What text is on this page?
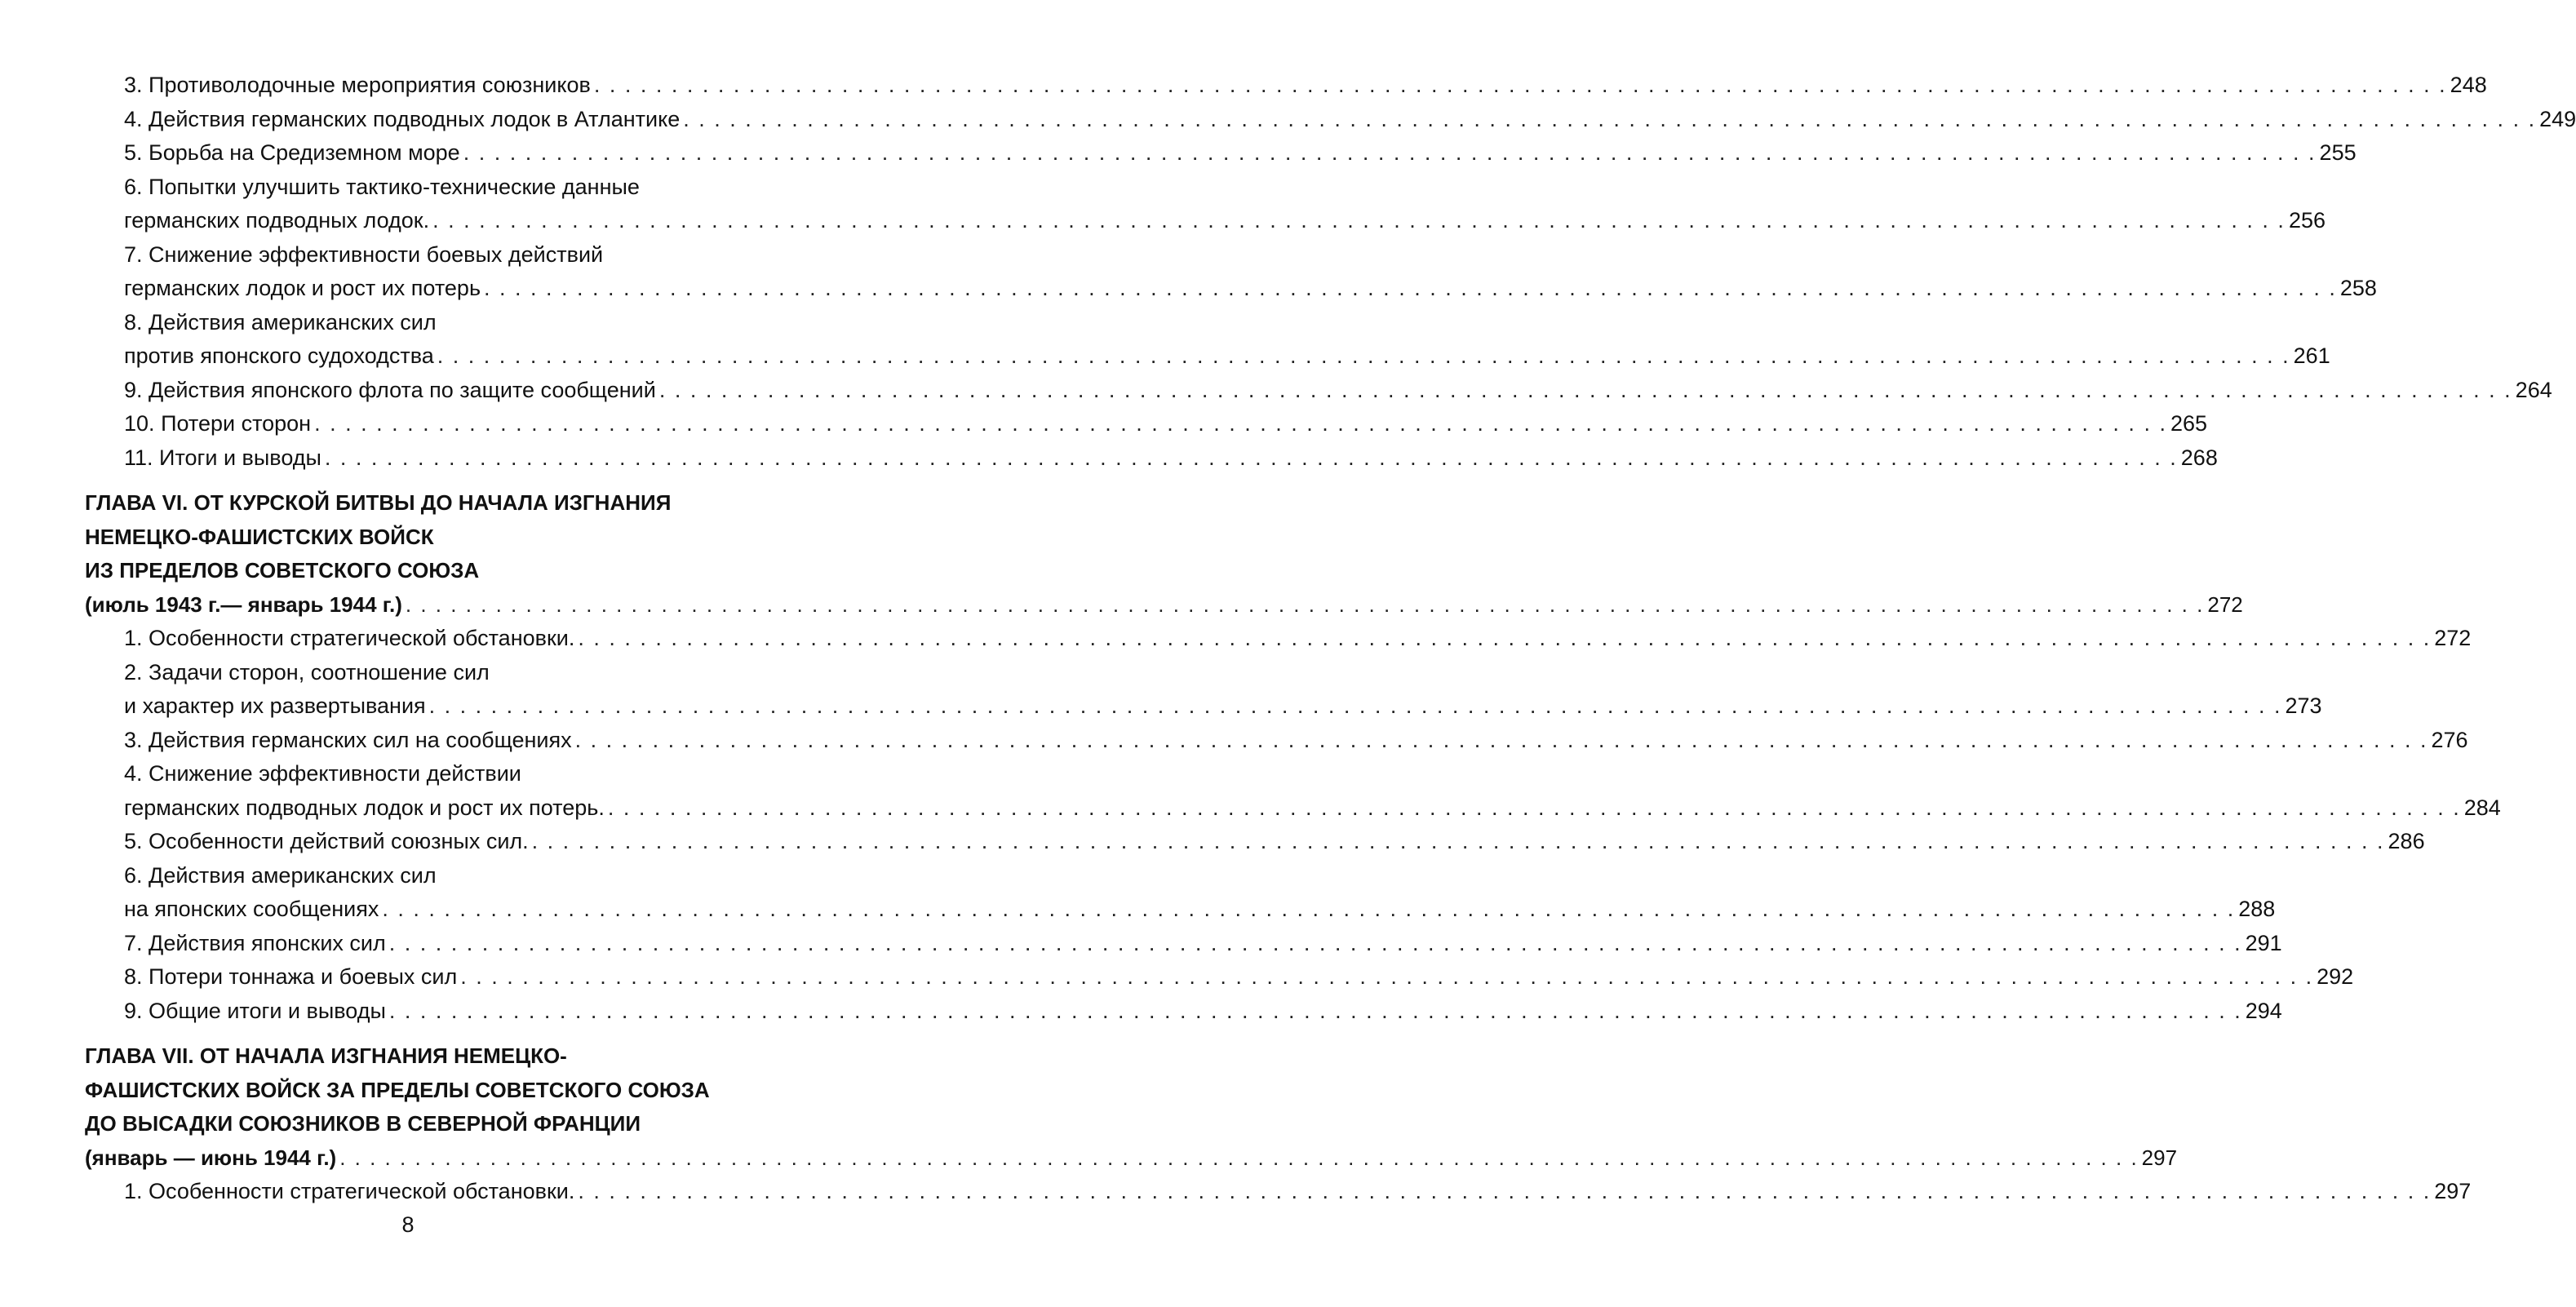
3. Противолодочные мероприятия союзников . . . . . . . . . . . . . . . . . . . . . . . . . . . . . . . . . . . . . . . . . . . . . . . . . . . . . . . . . . . . . . . . . . . . . . . . . . . . . . . . . . . . . . . . . . . . . . . . . . . . . . . . . . . . . . . . . . . . . . . . 248
4. Действия германских подводных лодок в Атлантике . . . . . . . . . . . . . . . . . . . . . . . . . . . . . . . . . . . . . . . . . . . . . . . . . . . . . . . . . . . . . . . . . . . . . . . . . . . . . . . . . . . . . . . . . . . . . . . . . . . . . . . . . . . . . . . . . . . . . . . . 249
5. Борьба на Средиземном море . . . . . . . . . . . . . . . . . . . . . . . . . . . . . . . . . . . . . . . . . . . . . . . . . . . . . . . . . . . . . . . . . . . . . . . . . . . . . . . . . . . . . . . . . . . . . . . . . . . . . . . . . . . . . . . . . . . . . . . . 255
6. Попытки улучшить тактико-технические данные
германских подводных лодок. . . . . . . . . . . . . . . . . . . . . . . . . . . . . . . . . . . . . . . . . . . . . . . . . . . . . . . . . . . . . . . . . . . . . . . . . . . . . . . . . . . . . . . . . . . . . . . . . . . . . . . . . . . . . . . . . . . . . . . . . 256
7. Снижение эффективности боевых действий
германских лодок и рост их потерь . . . . . . . . . . . . . . . . . . . . . . . . . . . . . . . . . . . . . . . . . . . . . . . . . . . . . . . . . . . . . . . . . . . . . . . . . . . . . . . . . . . . . . . . . . . . . . . . . . . . . . . . . . . . . . . . . . . . . . . . 258
8. Действия американских сил
против японского судоходства . . . . . . . . . . . . . . . . . . . . . . . . . . . . . . . . . . . . . . . . . . . . . . . . . . . . . . . . . . . . . . . . . . . . . . . . . . . . . . . . . . . . . . . . . . . . . . . . . . . . . . . . . . . . . . . . . . . . . . . . 261
9. Действия японского флота по защите сообщений . . . . . . . . . . . . . . . . . . . . . . . . . . . . . . . . . . . . . . . . . . . . . . . . . . . . . . . . . . . . . . . . . . . . . . . . . . . . . . . . . . . . . . . . . . . . . . . . . . . . . . . . . . . . . . . . . . . . . . . . 264
10. Потери сторон . . . . . . . . . . . . . . . . . . . . . . . . . . . . . . . . . . . . . . . . . . . . . . . . . . . . . . . . . . . . . . . . . . . . . . . . . . . . . . . . . . . . . . . . . . . . . . . . . . . . . . . . . . . . . . . . . . . . . . . . 265
11. Итоги и выводы . . . . . . . . . . . . . . . . . . . . . . . . . . . . . . . . . . . . . . . . . . . . . . . . . . . . . . . . . . . . . . . . . . . . . . . . . . . . . . . . . . . . . . . . . . . . . . . . . . . . . . . . . . . . . . . . . . . . . . . . 268
ГЛАВА VI. ОТ КУРСКОЙ БИТВЫ ДО НАЧАЛА ИЗГНАНИЯ
НЕМЕЦКО-ФАШИСТСКИХ ВОЙСК
ИЗ ПРЕДЕЛОВ СОВЕТСКОГО СОЮЗА
(июль 1943 г.— январь 1944 г.) . . . . . . . . . . . . . . . . . . . . . . . . . . . . . . . . . . . . . . . . . . . . . . . . . . . . . . . . . . . . . . . . . . . . . . . . . . . . . . . . . . . . . . . . . . . . . . . . . . . . . . . . . . . . . . . . . . . . . . . . 272
1. Особенности стратегической обстановки. . . . . . . . . . . . . . . . . . . . . . . . . . . . . . . . . . . . . . . . . . . . . . . . . . . . . . . . . . . . . . . . . . . . . . . . . . . . . . . . . . . . . . . . . . . . . . . . . . . . . . . . . . . . . . . . . . . . . . . . . 272
2. Задачи сторон, соотношение сил
и характер их развертывания . . . . . . . . . . . . . . . . . . . . . . . . . . . . . . . . . . . . . . . . . . . . . . . . . . . . . . . . . . . . . . . . . . . . . . . . . . . . . . . . . . . . . . . . . . . . . . . . . . . . . . . . . . . . . . . . . . . . . . . . 273
3. Действия германских сил на сообщениях . . . . . . . . . . . . . . . . . . . . . . . . . . . . . . . . . . . . . . . . . . . . . . . . . . . . . . . . . . . . . . . . . . . . . . . . . . . . . . . . . . . . . . . . . . . . . . . . . . . . . . . . . . . . . . . . . . . . . . . . 276
4. Снижение эффективности действии
германских подводных лодок и рост их потерь. . . . . . . . . . . . . . . . . . . . . . . . . . . . . . . . . . . . . . . . . . . . . . . . . . . . . . . . . . . . . . . . . . . . . . . . . . . . . . . . . . . . . . . . . . . . . . . . . . . . . . . . . . . . . . . . . . . . . . . . . 284
5. Особенности действий союзных сил. . . . . . . . . . . . . . . . . . . . . . . . . . . . . . . . . . . . . . . . . . . . . . . . . . . . . . . . . . . . . . . . . . . . . . . . . . . . . . . . . . . . . . . . . . . . . . . . . . . . . . . . . . . . . . . . . . . . . . . . . 286
6. Действия американских сил
на японских сообщениях . . . . . . . . . . . . . . . . . . . . . . . . . . . . . . . . . . . . . . . . . . . . . . . . . . . . . . . . . . . . . . . . . . . . . . . . . . . . . . . . . . . . . . . . . . . . . . . . . . . . . . . . . . . . . . . . . . . . . . . . 288
7. Действия японских сил . . . . . . . . . . . . . . . . . . . . . . . . . . . . . . . . . . . . . . . . . . . . . . . . . . . . . . . . . . . . . . . . . . . . . . . . . . . . . . . . . . . . . . . . . . . . . . . . . . . . . . . . . . . . . . . . . . . . . . . . 291
8. Потери тоннажа и боевых сил . . . . . . . . . . . . . . . . . . . . . . . . . . . . . . . . . . . . . . . . . . . . . . . . . . . . . . . . . . . . . . . . . . . . . . . . . . . . . . . . . . . . . . . . . . . . . . . . . . . . . . . . . . . . . . . . . . . . . . . . 292
9. Общие итоги и выводы . . . . . . . . . . . . . . . . . . . . . . . . . . . . . . . . . . . . . . . . . . . . . . . . . . . . . . . . . . . . . . . . . . . . . . . . . . . . . . . . . . . . . . . . . . . . . . . . . . . . . . . . . . . . . . . . . . . . . . . . 294
ГЛАВА VII. ОТ НАЧАЛА ИЗГНАНИЯ НЕМЕЦКО-
ФАШИСТСКИХ ВОЙСК ЗА ПРЕДЕЛЫ СОВЕТСКОГО СОЮЗА
ДО ВЫСАДКИ СОЮЗНИКОВ В СЕВЕРНОЙ ФРАНЦИИ
(январь — июнь 1944 г.) . . . . . . . . . . . . . . . . . . . . . . . . . . . . . . . . . . . . . . . . . . . . . . . . . . . . . . . . . . . . . . . . . . . . . . . . . . . . . . . . . . . . . . . . . . . . . . . . . . . . . . . . . . . . . . . . . . . . . . . . 297
1. Особенности стратегической обстановки. . . . . . . . . . . . . . . . . . . . . . . . . . . . . . . . . . . . . . . . . . . . . . . . . . . . . . . . . . . . . . . . . . . . . . . . . . . . . . . . . . . . . . . . . . . . . . . . . . . . . . . . . . . . . . . . . . . . . . . . . 297
8
